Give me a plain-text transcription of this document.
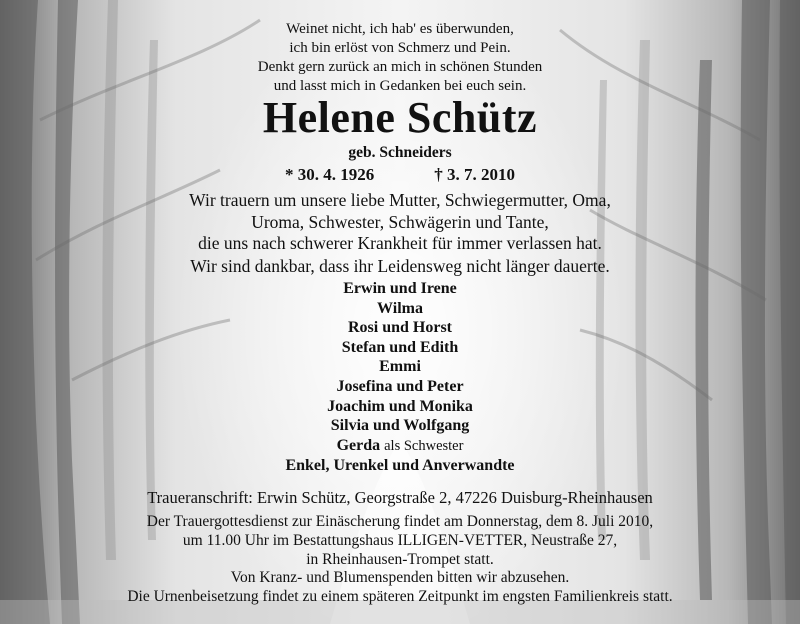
Weinet nicht, ich hab' es überwunden,
ich bin erlöst von Schmerz und Pein.
Denkt gern zurück an mich in schönen Stunden
und lasst mich in Gedanken bei euch sein.
Helene Schütz
geb. Schneiders
* 30. 4. 1926	† 3. 7. 2010
Wir trauern um unsere liebe Mutter, Schwiegermutter, Oma,
Uroma, Schwester, Schwägerin und Tante,
die uns nach schwerer Krankheit für immer verlassen hat.
Wir sind dankbar, dass ihr Leidensweg nicht länger dauerte.
Erwin und Irene
Wilma
Rosi und Horst
Stefan und Edith
Emmi
Josefina und Peter
Joachim und Monika
Silvia und Wolfgang
Gerda als Schwester
Enkel, Urenkel und Anverwandte
Traueranschrift: Erwin Schütz, Georgstraße 2, 47226 Duisburg-Rheinhausen
Der Trauergottesdienst zur Einäscherung findet am Donnerstag, dem 8. Juli 2010,
um 11.00 Uhr im Bestattungshaus ILLIGEN-VETTER, Neustraße 27,
in Rheinhausen-Trompet statt.
Von Kranz- und Blumenspenden bitten wir abzusehen.
Die Urnenbeisetzung findet zu einem späteren Zeitpunkt im engsten Familienkreis statt.
